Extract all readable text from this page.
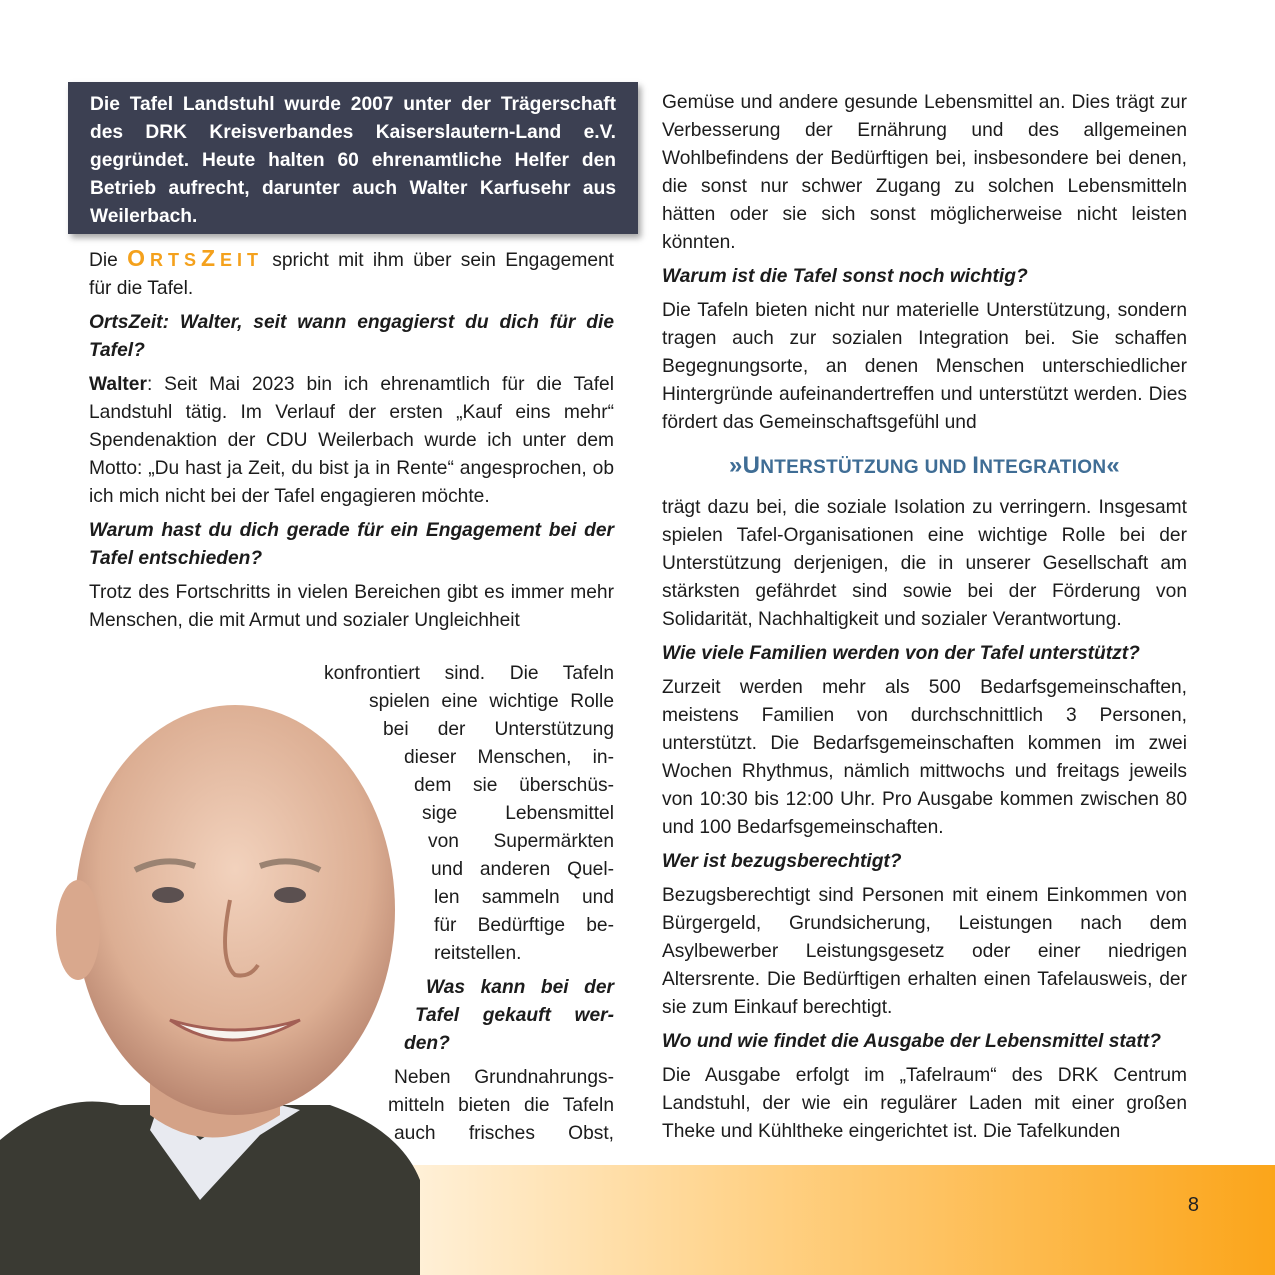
Die Tafel Landstuhl wurde 2007 unter der Trägerschaft des DRK Kreisverbandes Kaiserslautern-Land e.V. gegründet. Heute halten 60 ehrenamtliche Helfer den Betrieb aufrecht, darunter auch Walter Karfusehr aus Weilerbach.

Die ORTSZEIT spricht mit ihm über sein Engagement für die Tafel.

OrtsZeit: Walter, seit wann engagierst du dich für die Tafel?

Walter: Seit Mai 2023 bin ich ehrenamtlich für die Tafel Landstuhl tätig. Im Verlauf der ersten „Kauf eins mehr“ Spendenaktion der CDU Weilerbach wurde ich unter dem Motto: „Du hast ja Zeit, du bist ja in Rente“ angesprochen, ob ich mich nicht bei der Tafel engagieren möchte.

Warum hast du dich gerade für ein Engagement bei der Tafel entschieden?

Trotz des Fortschritts in vielen Bereichen gibt es immer mehr Menschen, die mit Armut und sozialer Ungleichheit

konfrontiert sind. Die Tafeln
spielen eine wichtige Rolle
bei der Unterstützung
dieser Menschen, in-
dem sie überschüs-
sige Lebensmittel
von Supermärkten
und anderen Quel-
len sammeln und
für Bedürftige be-
reitstellen.
Was kann bei der
Tafel gekauft wer-
den?
Neben Grundnahrungs-
mitteln bieten die Tafeln
auch frisches Obst,

Gemüse und andere gesunde Lebensmittel an. Dies trägt zur Verbesserung der Ernährung und des allgemeinen Wohlbefindens der Bedürftigen bei, insbesondere bei denen, die sonst nur schwer Zugang zu solchen Lebensmitteln hätten oder sie sich sonst möglicherweise nicht leisten könnten.

Warum ist die Tafel sonst noch wichtig?

Die Tafeln bieten nicht nur materielle Unterstützung, sondern tragen auch zur sozialen Integration bei. Sie schaffen Begegnungsorte, an denen Menschen unterschiedlicher Hintergründe aufeinandertreffen und unterstützt werden. Dies fördert das Gemeinschaftsgefühl und

»UNTERSTÜTZUNG UND INTEGRATION«

trägt dazu bei, die soziale Isolation zu verringern. Insgesamt spielen Tafel-Organisationen eine wichtige Rolle bei der Unterstützung derjenigen, die in unserer Gesellschaft am stärksten gefährdet sind sowie bei der Förderung von Solidarität, Nachhaltigkeit und sozialer Verantwortung.

Wie viele Familien werden von der Tafel unterstützt?

Zurzeit werden mehr als 500 Bedarfsgemeinschaften, meistens Familien von durchschnittlich 3 Personen, unterstützt. Die Bedarfsgemeinschaften kommen im zwei Wochen Rhythmus, nämlich mittwochs und freitags jeweils von 10:30 bis 12:00 Uhr. Pro Ausgabe kommen zwischen 80 und 100 Bedarfsgemeinschaften.

Wer ist bezugsberechtigt?

Bezugsberechtigt sind Personen mit einem Einkommen von Bürgergeld, Grundsicherung, Leistungen nach dem Asylbewerber Leistungsgesetz oder einer niedrigen Altersrente. Die Bedürftigen erhalten einen Tafelausweis, der sie zum Einkauf berechtigt.

Wo und wie findet die Ausgabe der Lebensmittel statt?

Die Ausgabe erfolgt im „Tafelraum“ des DRK Centrum Landstuhl, der wie ein regulärer Laden mit einer großen Theke und Kühltheke eingerichtet ist. Die Tafelkunden

8
